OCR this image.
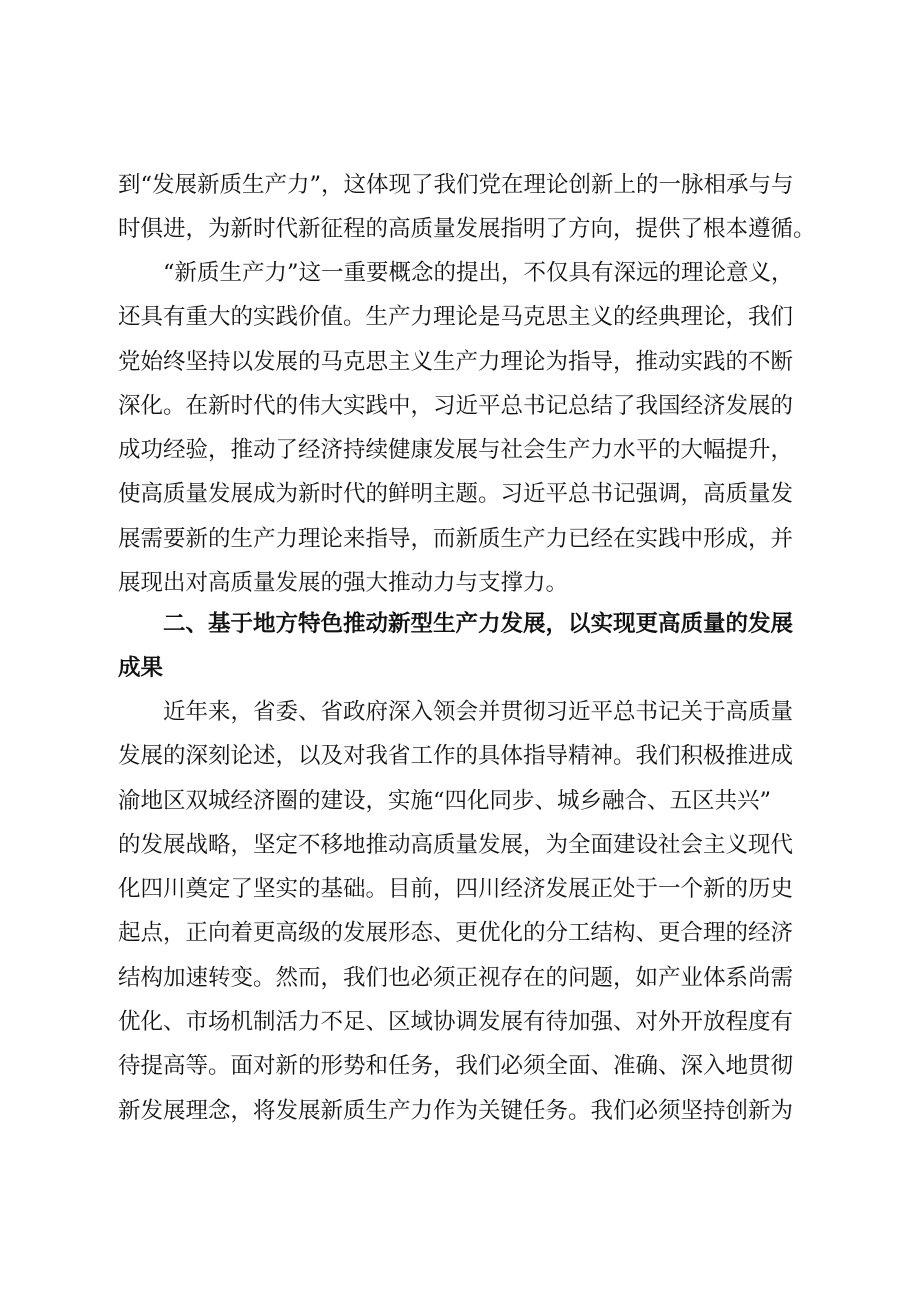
到“发展新质生产力”，这体现了我们党在理论创新上的一脉相承与与
时俱进，为新时代新征程的高质量发展指明了方向，提供了根本遵循。

“新质生产力”这一重要概念的提出，不仅具有深远的理论意义，
还具有重大的实践价值。生产力理论是马克思主义的经典理论，我们
党始终坚持以发展的马克思主义生产力理论为指导，推动实践的不断
深化。在新时代的伟大实践中，习近平总书记总结了我国经济发展的
成功经验，推动了经济持续健康发展与社会生产力水平的大幅提升，
使高质量发展成为新时代的鲜明主题。习近平总书记强调，高质量发
展需要新的生产力理论来指导，而新质生产力已经在实践中形成，并
展现出对高质量发展的强大推动力与支撑力。

二、基于地方特色推动新型生产力发展，以实现更高质量的发展
成果

近年来，省委、省政府深入领会并贯彻习近平总书记关于高质量
发展的深刻论述，以及对我省工作的具体指导精神。我们积极推进成
渝地区双城经济圈的建设，实施“四化同步、城乡融合、五区共兴”
的发展战略，坚定不移地推动高质量发展，为全面建设社会主义现代
化四川奠定了坚实的基础。目前，四川经济发展正处于一个新的历史
起点，正向着更高级的发展形态、更优化的分工结构、更合理的经济
结构加速转变。然而，我们也必须正视存在的问题，如产业体系尚需
优化、市场机制活力不足、区域协调发展有待加强、对外开放程度有
待提高等。面对新的形势和任务，我们必须全面、准确、深入地贯彻
新发展理念，将发展新质生产力作为关键任务。我们必须坚持创新为
